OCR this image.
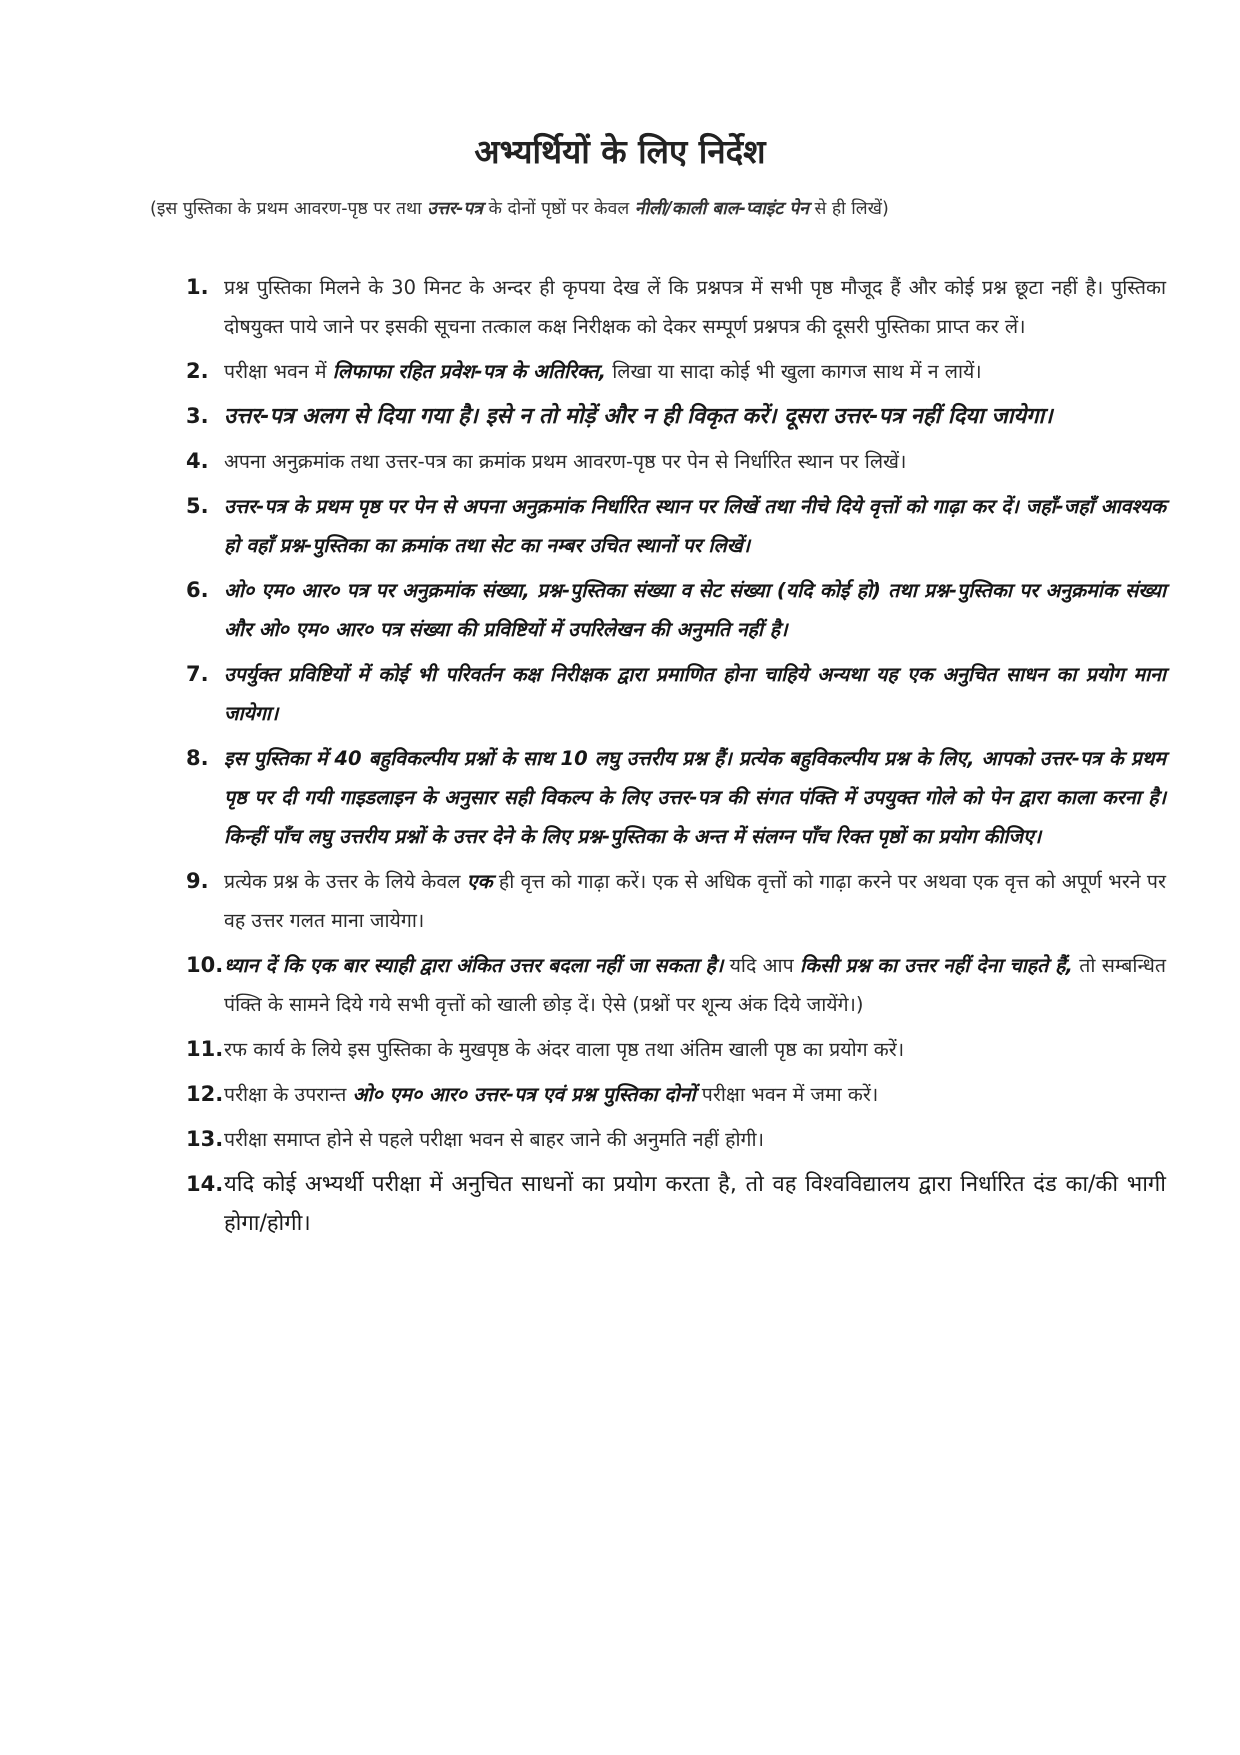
अभ्यर्थियों के लिए निर्देश
(इस पुस्तिका के प्रथम आवरण-पृष्ठ पर तथा उत्तर-पत्र के दोनों पृष्ठों पर केवल नीली/काली बाल-प्वाइंट पेन से ही लिखें)
1. प्रश्न पुस्तिका मिलने के 30 मिनट के अन्दर ही कृपया देख लें कि प्रश्नपत्र में सभी पृष्ठ मौजूद हैं और कोई प्रश्न छूटा नहीं है। पुस्तिका दोषयुक्त पाये जाने पर इसकी सूचना तत्काल कक्ष निरीक्षक को देकर सम्पूर्ण प्रश्नपत्र की दूसरी पुस्तिका प्राप्त कर लें।
2. परीक्षा भवन में लिफाफा रहित प्रवेश-पत्र के अतिरिक्त, लिखा या सादा कोई भी खुला कागज साथ में न लायें।
3. उत्तर-पत्र अलग से दिया गया है। इसे न तो मोड़ें और न ही विकृत करें। दूसरा उत्तर-पत्र नहीं दिया जायेगा।
4. अपना अनुक्रमांक तथा उत्तर-पत्र का क्रमांक प्रथम आवरण-पृष्ठ पर पेन से निर्धारित स्थान पर लिखें।
5. उत्तर-पत्र के प्रथम पृष्ठ पर पेन से अपना अनुक्रमांक निर्धारित स्थान पर लिखें तथा नीचे दिये वृत्तों को गाढ़ा कर दें। जहाँ-जहाँ आवश्यक हो वहाँ प्रश्न-पुस्तिका का क्रमांक तथा सेट का नम्बर उचित स्थानों पर लिखें।
6. ओ० एम० आर० पत्र पर अनुक्रमांक संख्या, प्रश्न-पुस्तिका संख्या व सेट संख्या (यदि कोई हो) तथा प्रश्न-पुस्तिका पर अनुक्रमांक संख्या और ओ० एम० आर० पत्र संख्या की प्रविष्टियों में उपरिलेखन की अनुमति नहीं है।
7. उपर्युक्त प्रविष्टियों में कोई भी परिवर्तन कक्ष निरीक्षक द्वारा प्रमाणित होना चाहिये अन्यथा यह एक अनुचित साधन का प्रयोग माना जायेगा।
8. इस पुस्तिका में 40 बहुविकल्पीय प्रश्नों के साथ 10 लघु उत्तरीय प्रश्न हैं। प्रत्येक बहुविकल्पीय प्रश्न के लिए, आपको उत्तर-पत्र के प्रथम पृष्ठ पर दी गयी गाइडलाइन के अनुसार सही विकल्प के लिए उत्तर-पत्र की संगत पंक्ति में उपयुक्त गोले को पेन द्वारा काला करना है। किन्हीं पाँच लघु उत्तरीय प्रश्नों के उत्तर देने के लिए प्रश्न-पुस्तिका के अन्त में संलग्न पाँच रिक्त पृष्ठों का प्रयोग कीजिए।
9. प्रत्येक प्रश्न के उत्तर के लिये केवल एक ही वृत्त को गाढ़ा करें। एक से अधिक वृत्तों को गाढ़ा करने पर अथवा एक वृत्त को अपूर्ण भरने पर वह उत्तर गलत माना जायेगा।
10. ध्यान दें कि एक बार स्याही द्वारा अंकित उत्तर बदला नहीं जा सकता है। यदि आप किसी प्रश्न का उत्तर नहीं देना चाहते हैं, तो सम्बन्धित पंक्ति के सामने दिये गये सभी वृत्तों को खाली छोड़ दें। ऐसे (प्रश्नों पर शून्य अंक दिये जायेंगे।)
11. रफ कार्य के लिये इस पुस्तिका के मुखपृष्ठ के अंदर वाला पृष्ठ तथा अंतिम खाली पृष्ठ का प्रयोग करें।
12. परीक्षा के उपरान्त ओ० एम० आर० उत्तर-पत्र एवं प्रश्न पुस्तिका दोनों परीक्षा भवन में जमा करें।
13. परीक्षा समाप्त होने से पहले परीक्षा भवन से बाहर जाने की अनुमति नहीं होगी।
14. यदि कोई अभ्यर्थी परीक्षा में अनुचित साधनों का प्रयोग करता है, तो वह विश्वविद्यालय द्वारा निर्धारित दंड का/की भागी होगा/होगी।
